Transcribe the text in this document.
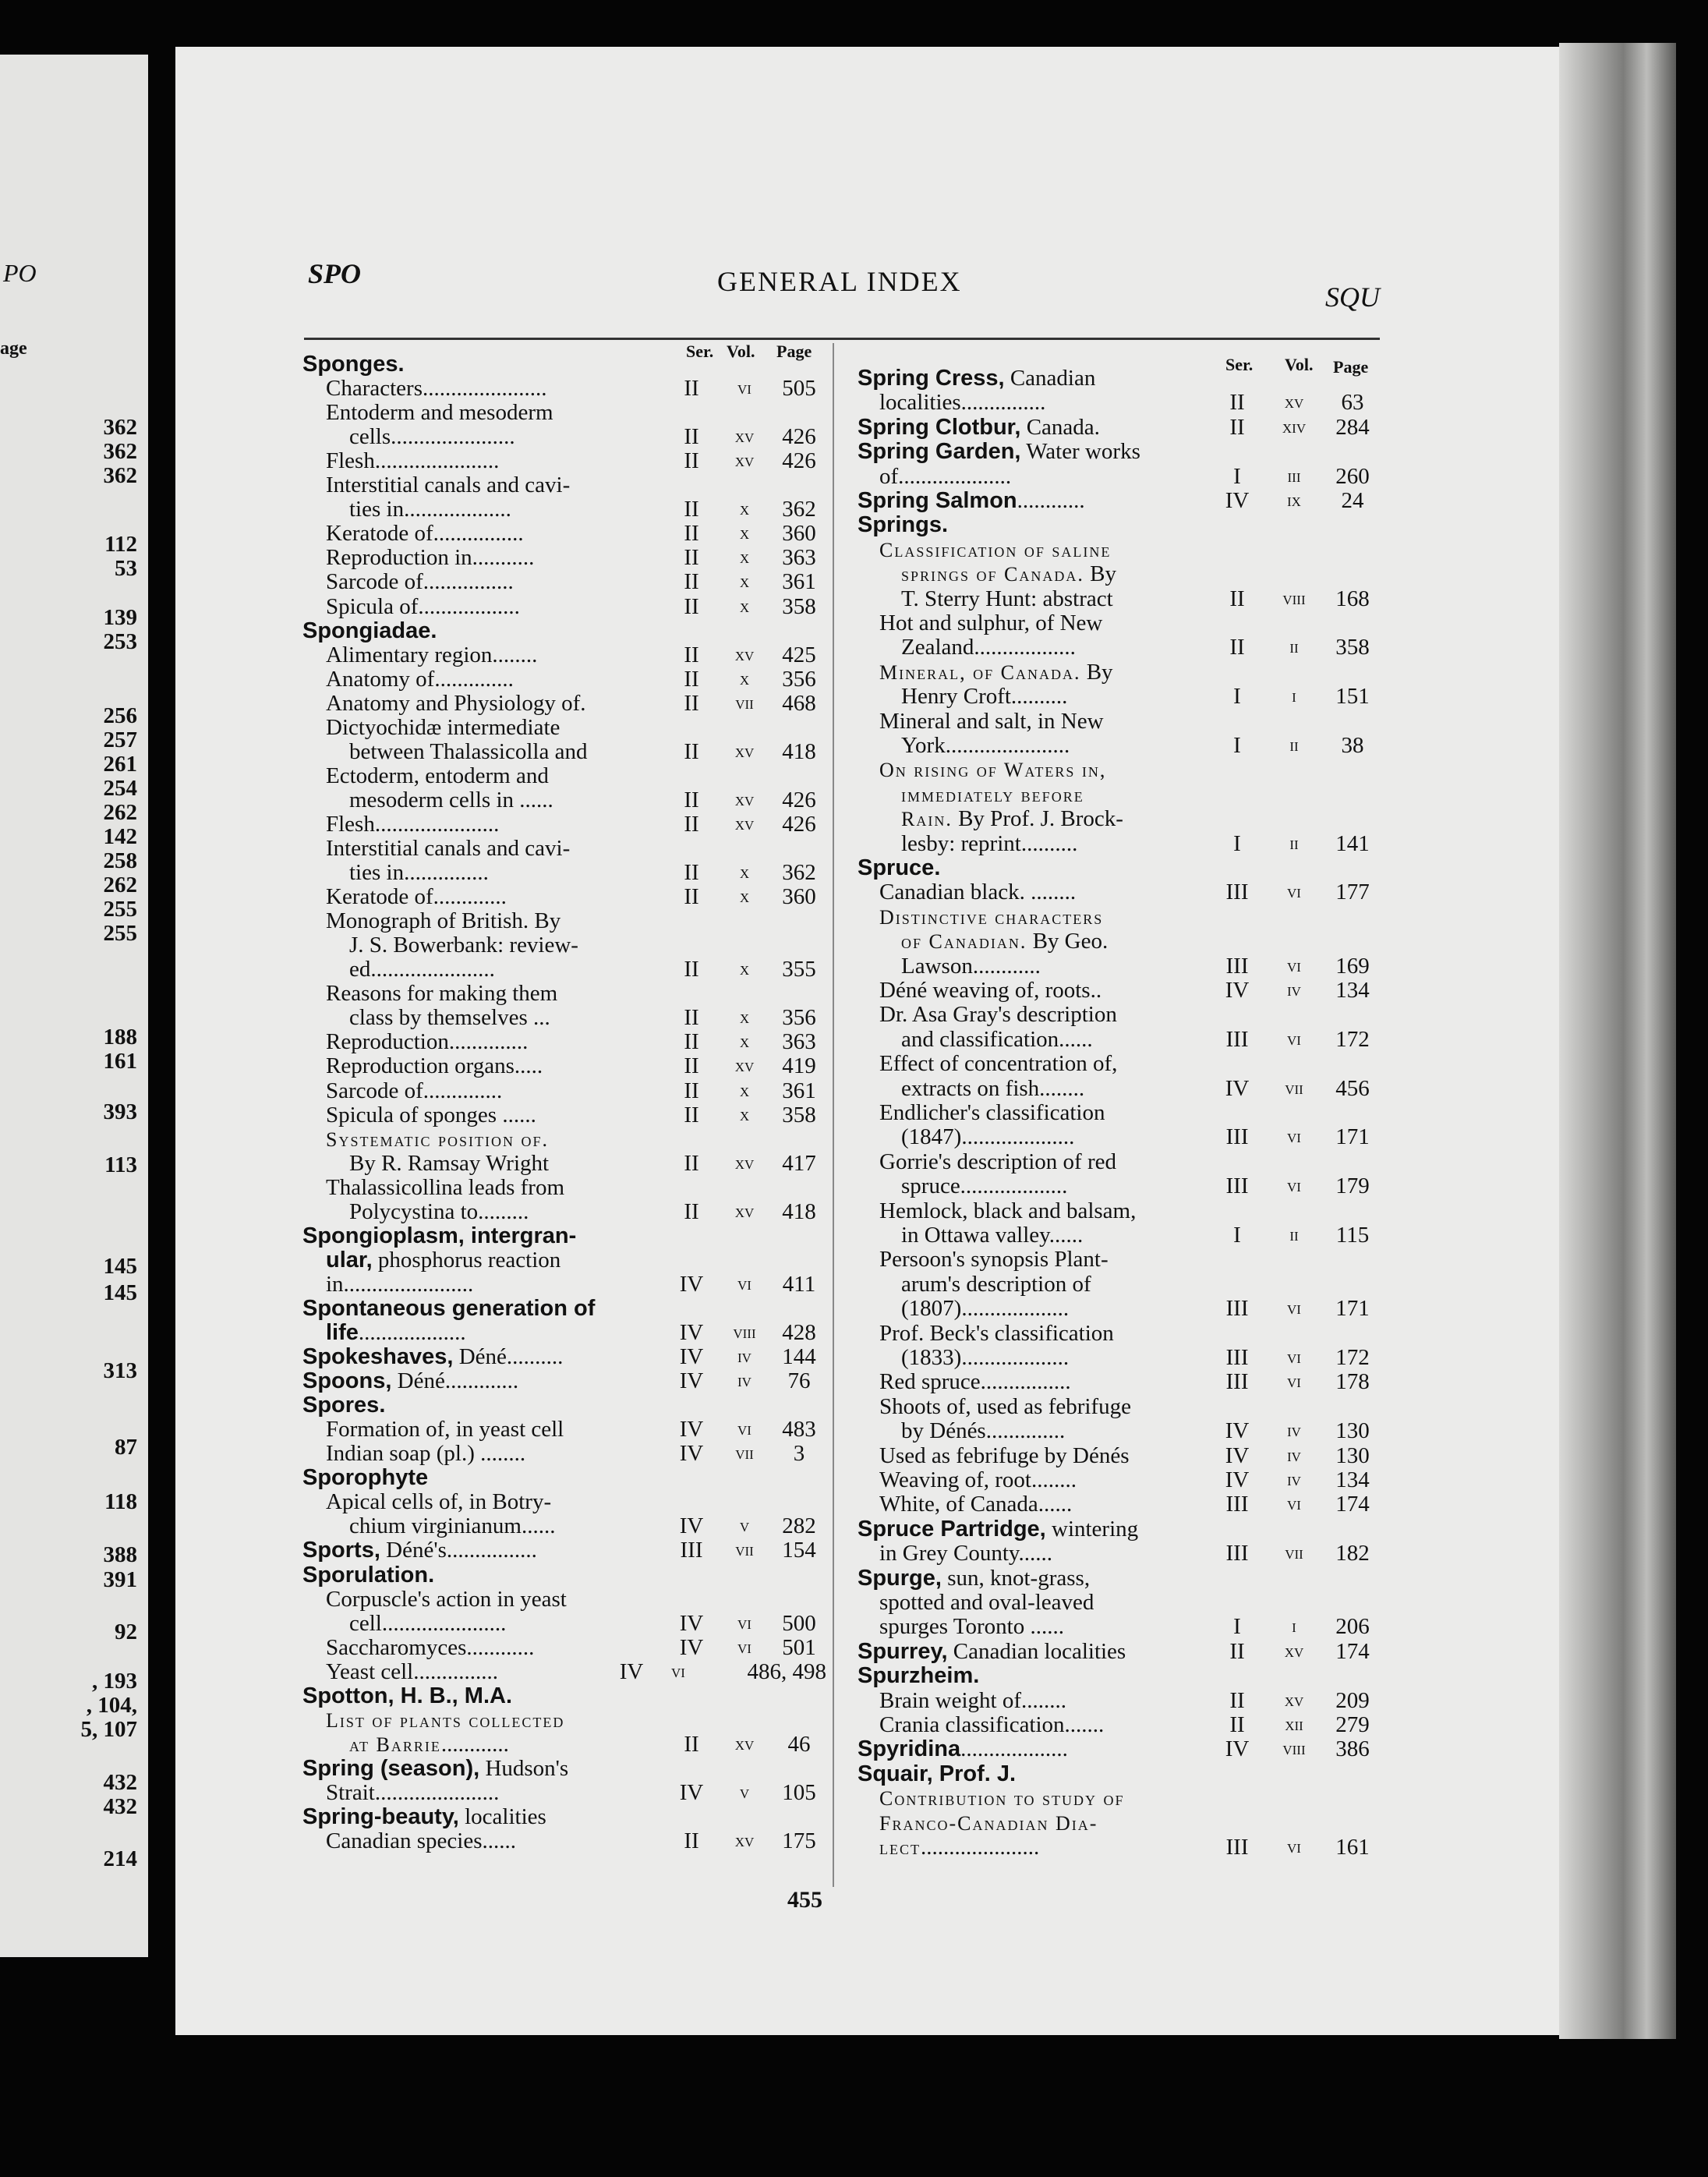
PO
age
362
362
362
112
53
139
253
256
257
261
254
262
142
258
262
255
255
188
161
393
113
145
145
313
87
118
388
391
92
, 193
, 104,
5, 107
432
432
214
SPO	GENERAL INDEX	SQU
Ser. Vol. Page
Ser. Vol. Page
Sponges.
Characters......................	II	vi	505
Entoderm and mesoderm
cells......................	II	xv	426
Flesh......................	II	xv	426
Interstitial canals and cavi-
ties in...................	II	x	362
Keratode of................	II	x	360
Reproduction in...........	II	x	363
Sarcode of................	II	x	361
Spicula of..................	II	x	358
Spongiadae.
Alimentary region........	II	xv	425
Anatomy of..............	II	x	356
Anatomy and Physiology of.	II	vii	468
Dictyochidæ intermediate
between Thalassicolla and	II	xv	418
Ectoderm, entoderm and
mesoderm cells in ......	II	xv	426
Flesh......................	II	xv	426
Interstitial canals and cavi-
ties in...............	II	x	362
Keratode of.............	II	x	360
Monograph of British. By
J. S. Bowerbank: review-
ed......................	II	x	355
Reasons for making them
class by themselves ...	II	x	356
Reproduction..............	II	x	363
Reproduction organs.....	II	xv	419
Sarcode of..............	II	x	361
Spicula of sponges ......	II	x	358
Systematic position of.
By R. Ramsay Wright	II	xv	417
Thalassicollina leads from
Polycystina to.........	II	xv	418
Spongioplasm, intergran-
ular, phosphorus reaction
in.......................	IV	vi	411
Spontaneous generation of
life...................	IV	viii	428
Spokeshaves, Déné..........	IV	iv	144
Spoons, Déné.............	IV	iv	76
Spores.
Formation of, in yeast cell	IV	vi	483
Indian soap (pl.) ........	IV	vii	3
Sporophyte
Apical cells of, in Botry-
chium virginianum......	IV	v	282
Sports, Déné's................	III	vii	154
Sporulation.
Corpuscle's action in yeast
cell......................	IV	vi	500
Saccharomyces............	IV	vi	501
Yeast cell...............	IV	vi	486, 498
Spotton, H. B., M.A.
List of plants collected
at Barrie............	II	xv	46
Spring (season), Hudson's
Strait......................	IV	v	105
Spring-beauty, localities
Canadian species......	II	xv	175
Spring Cress, Canadian
localities...............	II	xv	63
Spring Clotbur, Canada.	II	xiv	284
Spring Garden, Water works
of....................	I	iii	260
Spring Salmon............	IV	ix	24
Springs.
Classification of saline
springs of Canada. By
T. Sterry Hunt: abstract	II	viii	168
Hot and sulphur, of New
Zealand..................	II	ii	358
Mineral, of Canada. By
Henry Croft..........	I	i	151
Mineral and salt, in New
York......................	I	ii	38
On rising of Waters in,
immediately before
Rain. By Prof. J. Brock-
lesby: reprint..........	I	ii	141
Spruce.
Canadian black. ........	III	vi	177
Distinctive characters
of Canadian. By Geo.
Lawson............	III	vi	169
Déné weaving of, roots..	IV	iv	134
Dr. Asa Gray's description
and classification......	III	vi	172
Effect of concentration of,
extracts on fish........	IV	vii	456
Endlicher's classification
(1847)....................	III	vi	171
Gorrie's description of red
spruce...................	III	vi	179
Hemlock, black and balsam,
in Ottawa valley......	I	ii	115
Persoon's synopsis Plant-
arum's description of
(1807)...................	III	vi	171
Prof. Beck's classification
(1833)...................	III	vi	172
Red spruce................	III	vi	178
Shoots of, used as febrifuge
by Dénés..............	IV	iv	130
Used as febrifuge by Dénés	IV	iv	130
Weaving of, root........	IV	iv	134
White, of Canada......	III	vi	174
Spruce Partridge, wintering
in Grey County......	III	vii	182
Spurge, sun, knot-grass,
spotted and oval-leaved
spurges Toronto ......	I	i	206
Spurrey, Canadian localities	II	xv	174
Spurzheim.
Brain weight of........	II	xv	209
Crania classification.......	II	xii	279
Spyridina...................	IV	viii	386
Squair, Prof. J.
Contribution to study of
Franco-Canadian Dia-
lect.....................	III	vi	161
455
